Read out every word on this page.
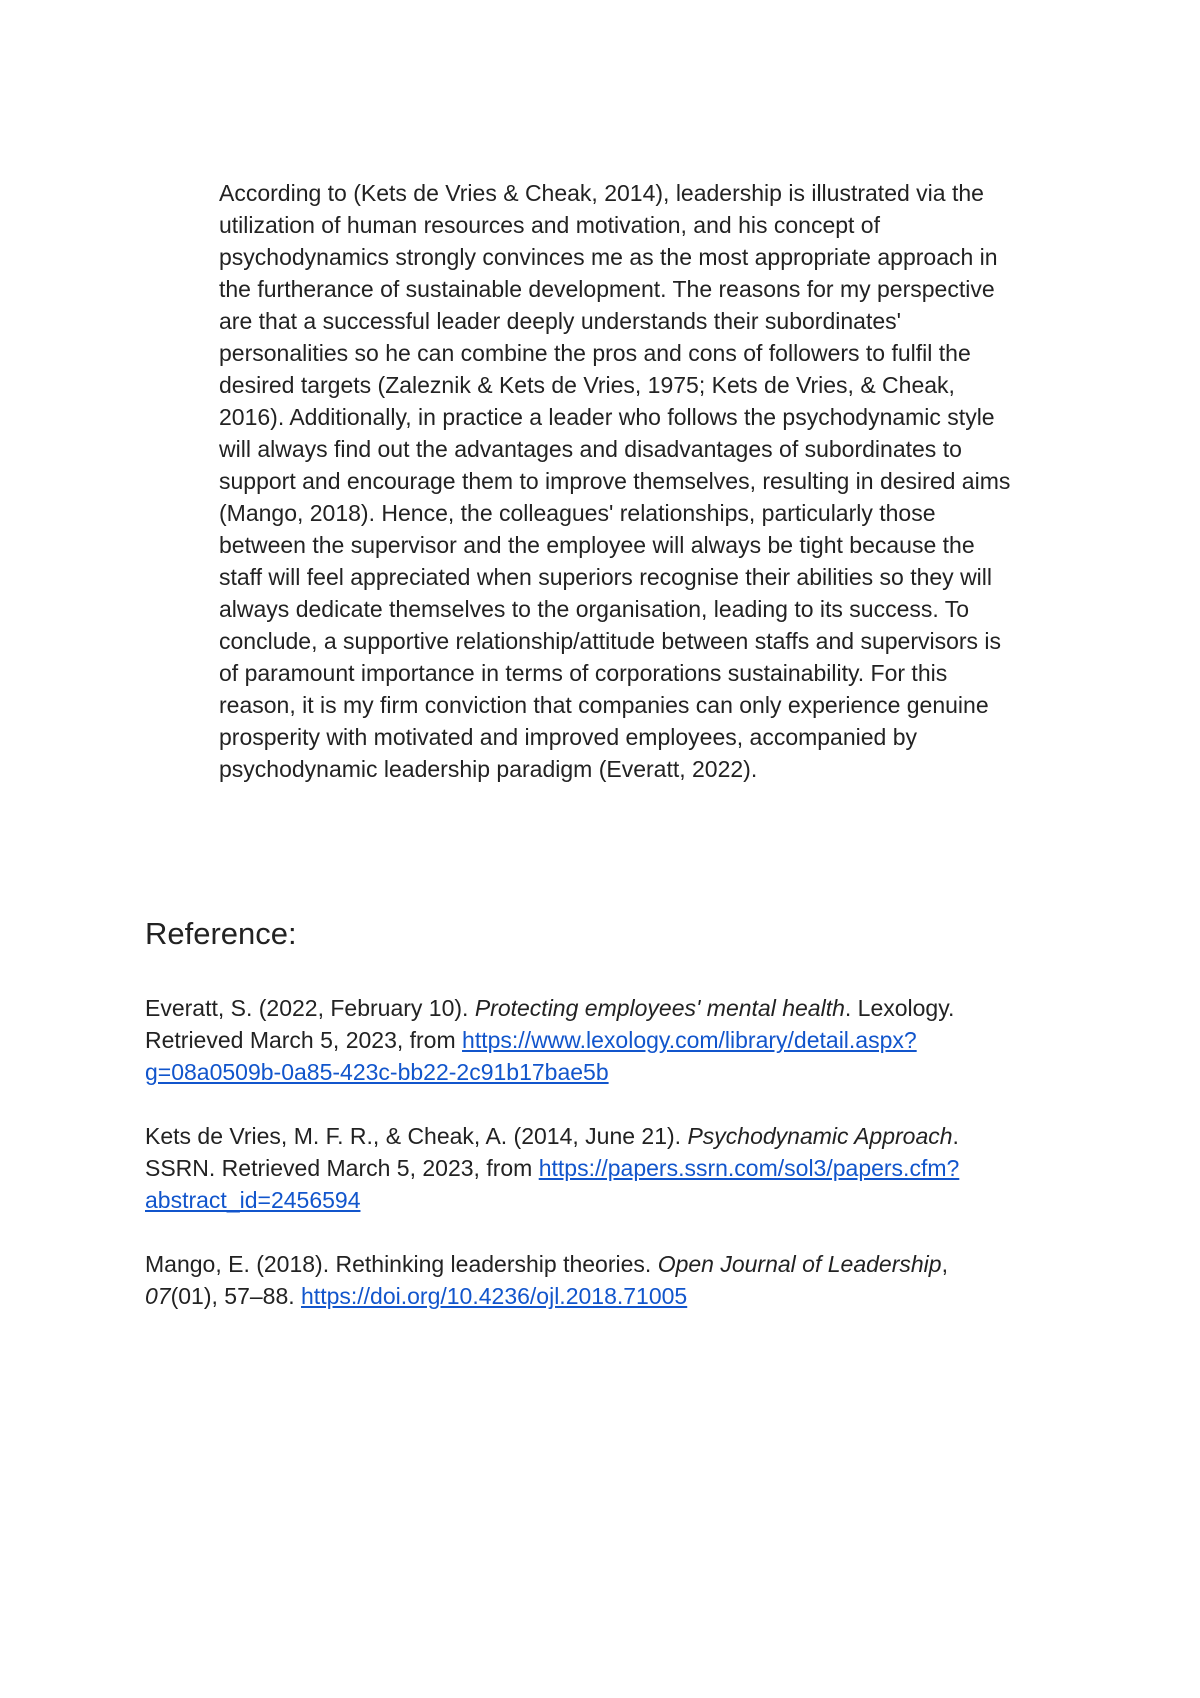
According to (Kets de Vries & Cheak, 2014), leadership is illustrated via the
utilization of human resources and motivation, and his concept of
psychodynamics strongly convinces me as the most appropriate approach in
the furtherance of sustainable development. The reasons for my perspective
are that a successful leader deeply understands their subordinates'
personalities so he can combine the pros and cons of followers to fulfil the
desired targets (Zaleznik & Kets de Vries, 1975; Kets de Vries, & Cheak,
2016). Additionally, in practice a leader who follows the psychodynamic style
will always find out the advantages and disadvantages of subordinates to
support and encourage them to improve themselves, resulting in desired aims
(Mango, 2018). Hence, the colleagues' relationships, particularly those
between the supervisor and the employee will always be tight because the
staff will feel appreciated when superiors recognise their abilities so they will
always dedicate themselves to the organisation, leading to its success. To
conclude, a supportive relationship/attitude between staffs and supervisors is
of paramount importance in terms of corporations sustainability. For this
reason, it is my firm conviction that companies can only experience genuine
prosperity with motivated and improved employees, accompanied by
psychodynamic leadership paradigm (Everatt, 2022).
Reference:
Everatt, S. (2022, February 10). Protecting employees' mental health. Lexology.
Retrieved March 5, 2023, from https://www.lexology.com/library/detail.aspx?
g=08a0509b-0a85-423c-bb22-2c91b17bae5b
Kets de Vries, M. F. R., & Cheak, A. (2014, June 21). Psychodynamic Approach.
SSRN. Retrieved March 5, 2023, from https://papers.ssrn.com/sol3/papers.cfm?
abstract_id=2456594
Mango, E. (2018). Rethinking leadership theories. Open Journal of Leadership,
07(01), 57–88. https://doi.org/10.4236/ojl.2018.71005
